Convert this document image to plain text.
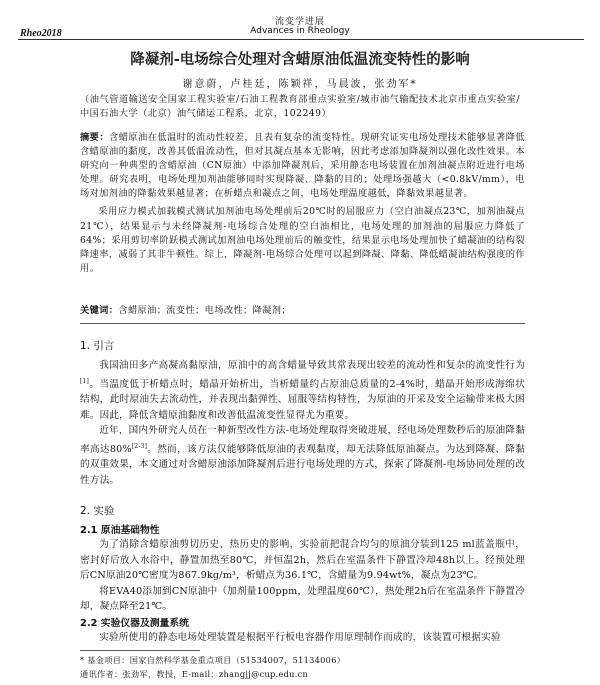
流变学进展
Advances in Rheology
Rheo2018
降凝剂-电场综合处理对含蜡原油低温流变特性的影响
谢意蔚，卢桂廷，陈颖祥，马晨波，张劲军*
（油气管道输送安全国家工程实验室/石油工程教育部重点实验室/城市油气输配技术北京市重点实验室/中国石油大学（北京）油气储运工程系，北京，102249）

摘要：含蜡原油在低温时的流动性较差，且表有复杂的流变特性。现研究证实电场处理技术能够显著降低含蜡原油的黏度，改善其低温流动性，但对其凝点基本无影响，因此考虑添加降凝剂以强化改性效果。本研究向一种典型的含蜡原油（CN原油）中添加降凝剂后，采用静态电场装置在加剂油凝点附近进行电场处理。研究表明，电场处理加剂油能够同时实现降凝、降黏的目的；处理场强越大（<0.8kV/mm），电场对加剂油的降黏效果越显著；在析蜡点和凝点之间，电场处理温度越低，降黏效果越显著。

采用应力模式加载模式测试加剂油电场处理前后20℃时的屈服应力（空白油凝点23℃，加剂油凝点21℃），结果显示与未经降凝剂-电场综合处理的空白油相比，电场处理的加剂油的屈服应力降低了64%；采用剪切率阶跃模式测试加剂油电场处理前后的触变性，结果显示电场处理加快了蜡凝油的结构裂降速率，减弱了其非牛顿性。综上，降凝剂-电场综合处理可以起到降凝、降黏、降低蜡凝油结构强度的作用。

关键词：含蜡原油；流变性；电场改性；降凝剂；
1. 引言

我国油田多产高凝高黏原油，原油中的高含蜡量导致其常表现出较差的流动性和复杂的流变性行为[1]。当温度低于析蜡点时，蜡晶开始析出，当析蜡量约占原油总质量的2-4%时，蜡晶开始形成海绵状结构，此时原油失去流动性，并表现出黏弹性、屈服等结构特性，为原油的开采及安全运输带来极大困难。因此，降低含蜡原油黏度和改善低温流变性显得尤为重要。

近年，国内外研究人员在一种新型改性方法-电场处理取得突破进展，经电场处理数秒后的原油降黏率高达80%[2-3]。然而，该方法仅能够降低原油的表观黏度，却无法降低原油凝点。为达到降凝、降黏的双重效果，本文通过对含蜡原油添加降凝剂后进行电场处理的方式，探索了降凝剂-电场协同处理的改性方法。

2. 实验
2.1 原油基础物性

为了消除含蜡原油剪切历史、热历史的影响，实验前把混合均匀的原油分装到125 ml蓝盖瓶中，密封好后放入水浴中，静置加热至80℃，并恒温2h，然后在室温条件下静置冷却48h以上。经预处理后CN原油20℃密度为867.9kg/m³，析蜡点为36.1℃，含蜡量为9.94wt%，凝点为23℃。

将EVA40添加到CN原油中（加剂量100ppm，处理温度60℃），热处理2h后在室温条件下静置冷却，凝点降至21℃。

2.2 实验仪器及测量系统

实验所使用的静态电场处理装置是根据平行板电容器作用原理制作而成的，该装置可根据实验

* 基金项目：国家自然科学基金重点项目（51534007，51134006）
通讯作者：张劲军，教授，E-mail：zhangjj@cup.edu.cn
